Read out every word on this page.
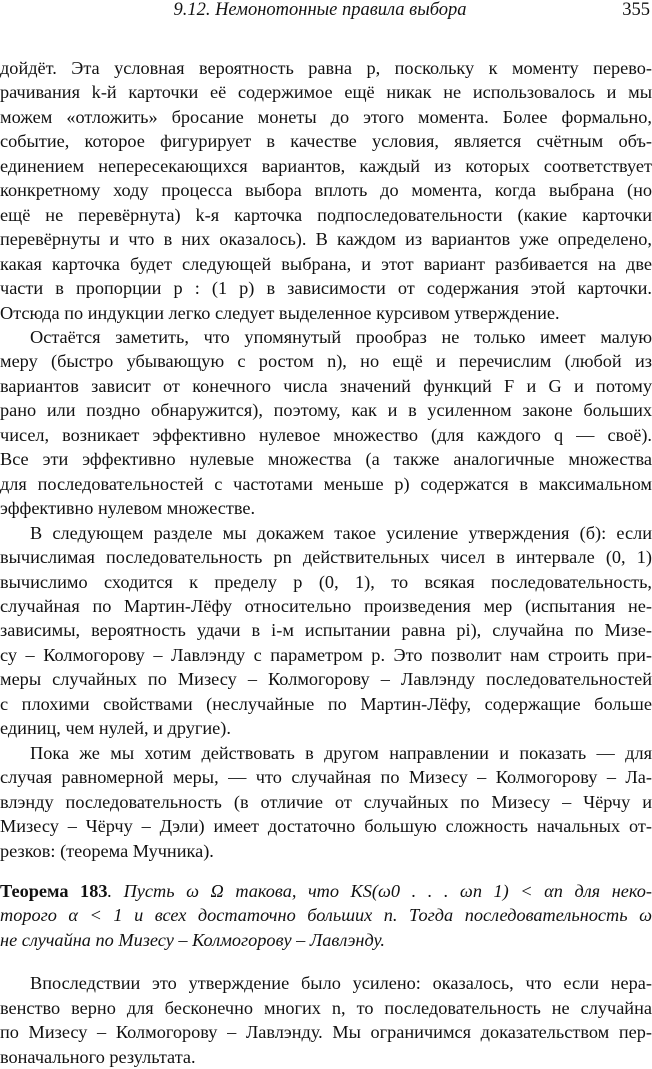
9.12. Немонотонные правила выбора	355

дойдёт. Эта условная вероятность равна p, поскольку к моменту перево-

рачивания k-й карточки её содержимое ещё никак не использовалось и мы

можем «отложить» бросание монеты до этого момента. Более формально,

событие, которое фигурирует в качестве условия, является счётным объ-

единением непересекающихся вариантов, каждый из которых соответствует

конкретному ходу процесса выбора вплоть до момента, когда выбрана (но

ещё не перевёрнута) k-я карточка подпоследовательности (какие карточки

перевёрнуты и что в них оказалось). В каждом из вариантов уже определено,

какая карточка будет следующей выбрана, и этот вариант разбивается на две

части в пропорции p : (1 p) в зависимости от содержания этой карточки.

Отсюда по индукции легко следует выделенное курсивом утверждение.

Остаётся заметить, что упомянутый прообраз не только имеет малую

меру (быстро убывающую с ростом n), но ещё и перечислим (любой из

вариантов зависит от конечного числа значений функций F и G и потому

рано или поздно обнаружится), поэтому, как и в усиленном законе больших

чисел, возникает эффективно нулевое множество (для каждого q — своё).

Все эти эффективно нулевые множества (а также аналогичные множества

для последовательностей с частотами меньше p) содержатся в максимальном

эффективно нулевом множестве.

В следующем разделе мы докажем такое усиление утверждения (б): если

вычислимая последовательность pn действительных чисел в интервале (0, 1)

вычислимо сходится к пределу p (0, 1), то всякая последовательность,

случайная по Мартин-Лёфу относительно произведения мер (испытания не-

зависимы, вероятность удачи в i-м испытании равна pi), случайна по Мизе-

су – Колмогорову – Лавлэнду с параметром p. Это позволит нам строить при-

меры случайных по Мизесу – Колмогорову – Лавлэнду последовательностей

с плохими свойствами (неслучайные по Мартин-Лёфу, содержащие больше

единиц, чем нулей, и другие).

Пока же мы хотим действовать в другом направлении и показать — для

случая равномерной меры, — что случайная по Мизесу – Колмогорову – Ла-

влэнду последовательность (в отличие от случайных по Мизесу – Чёрчу и

Мизесу – Чёрчу – Дэли) имеет достаточно большую сложность начальных от-

резков: (теорема Мучника).

Теорема 183. Пусть ω Ω такова, что KS(ω0 . . . ωn 1) < αn для неко-

торого α < 1 и всех достаточно больших n. Тогда последовательность ω

не случайна по Мизесу – Колмогорову – Лавлэнду.

Впоследствии это утверждение было усилено: оказалось, что если нера-

венство верно для бесконечно многих n, то последовательность не случайна

по Мизесу – Колмогорову – Лавлэнду. Мы ограничимся доказательством пер-

воначального результата.
